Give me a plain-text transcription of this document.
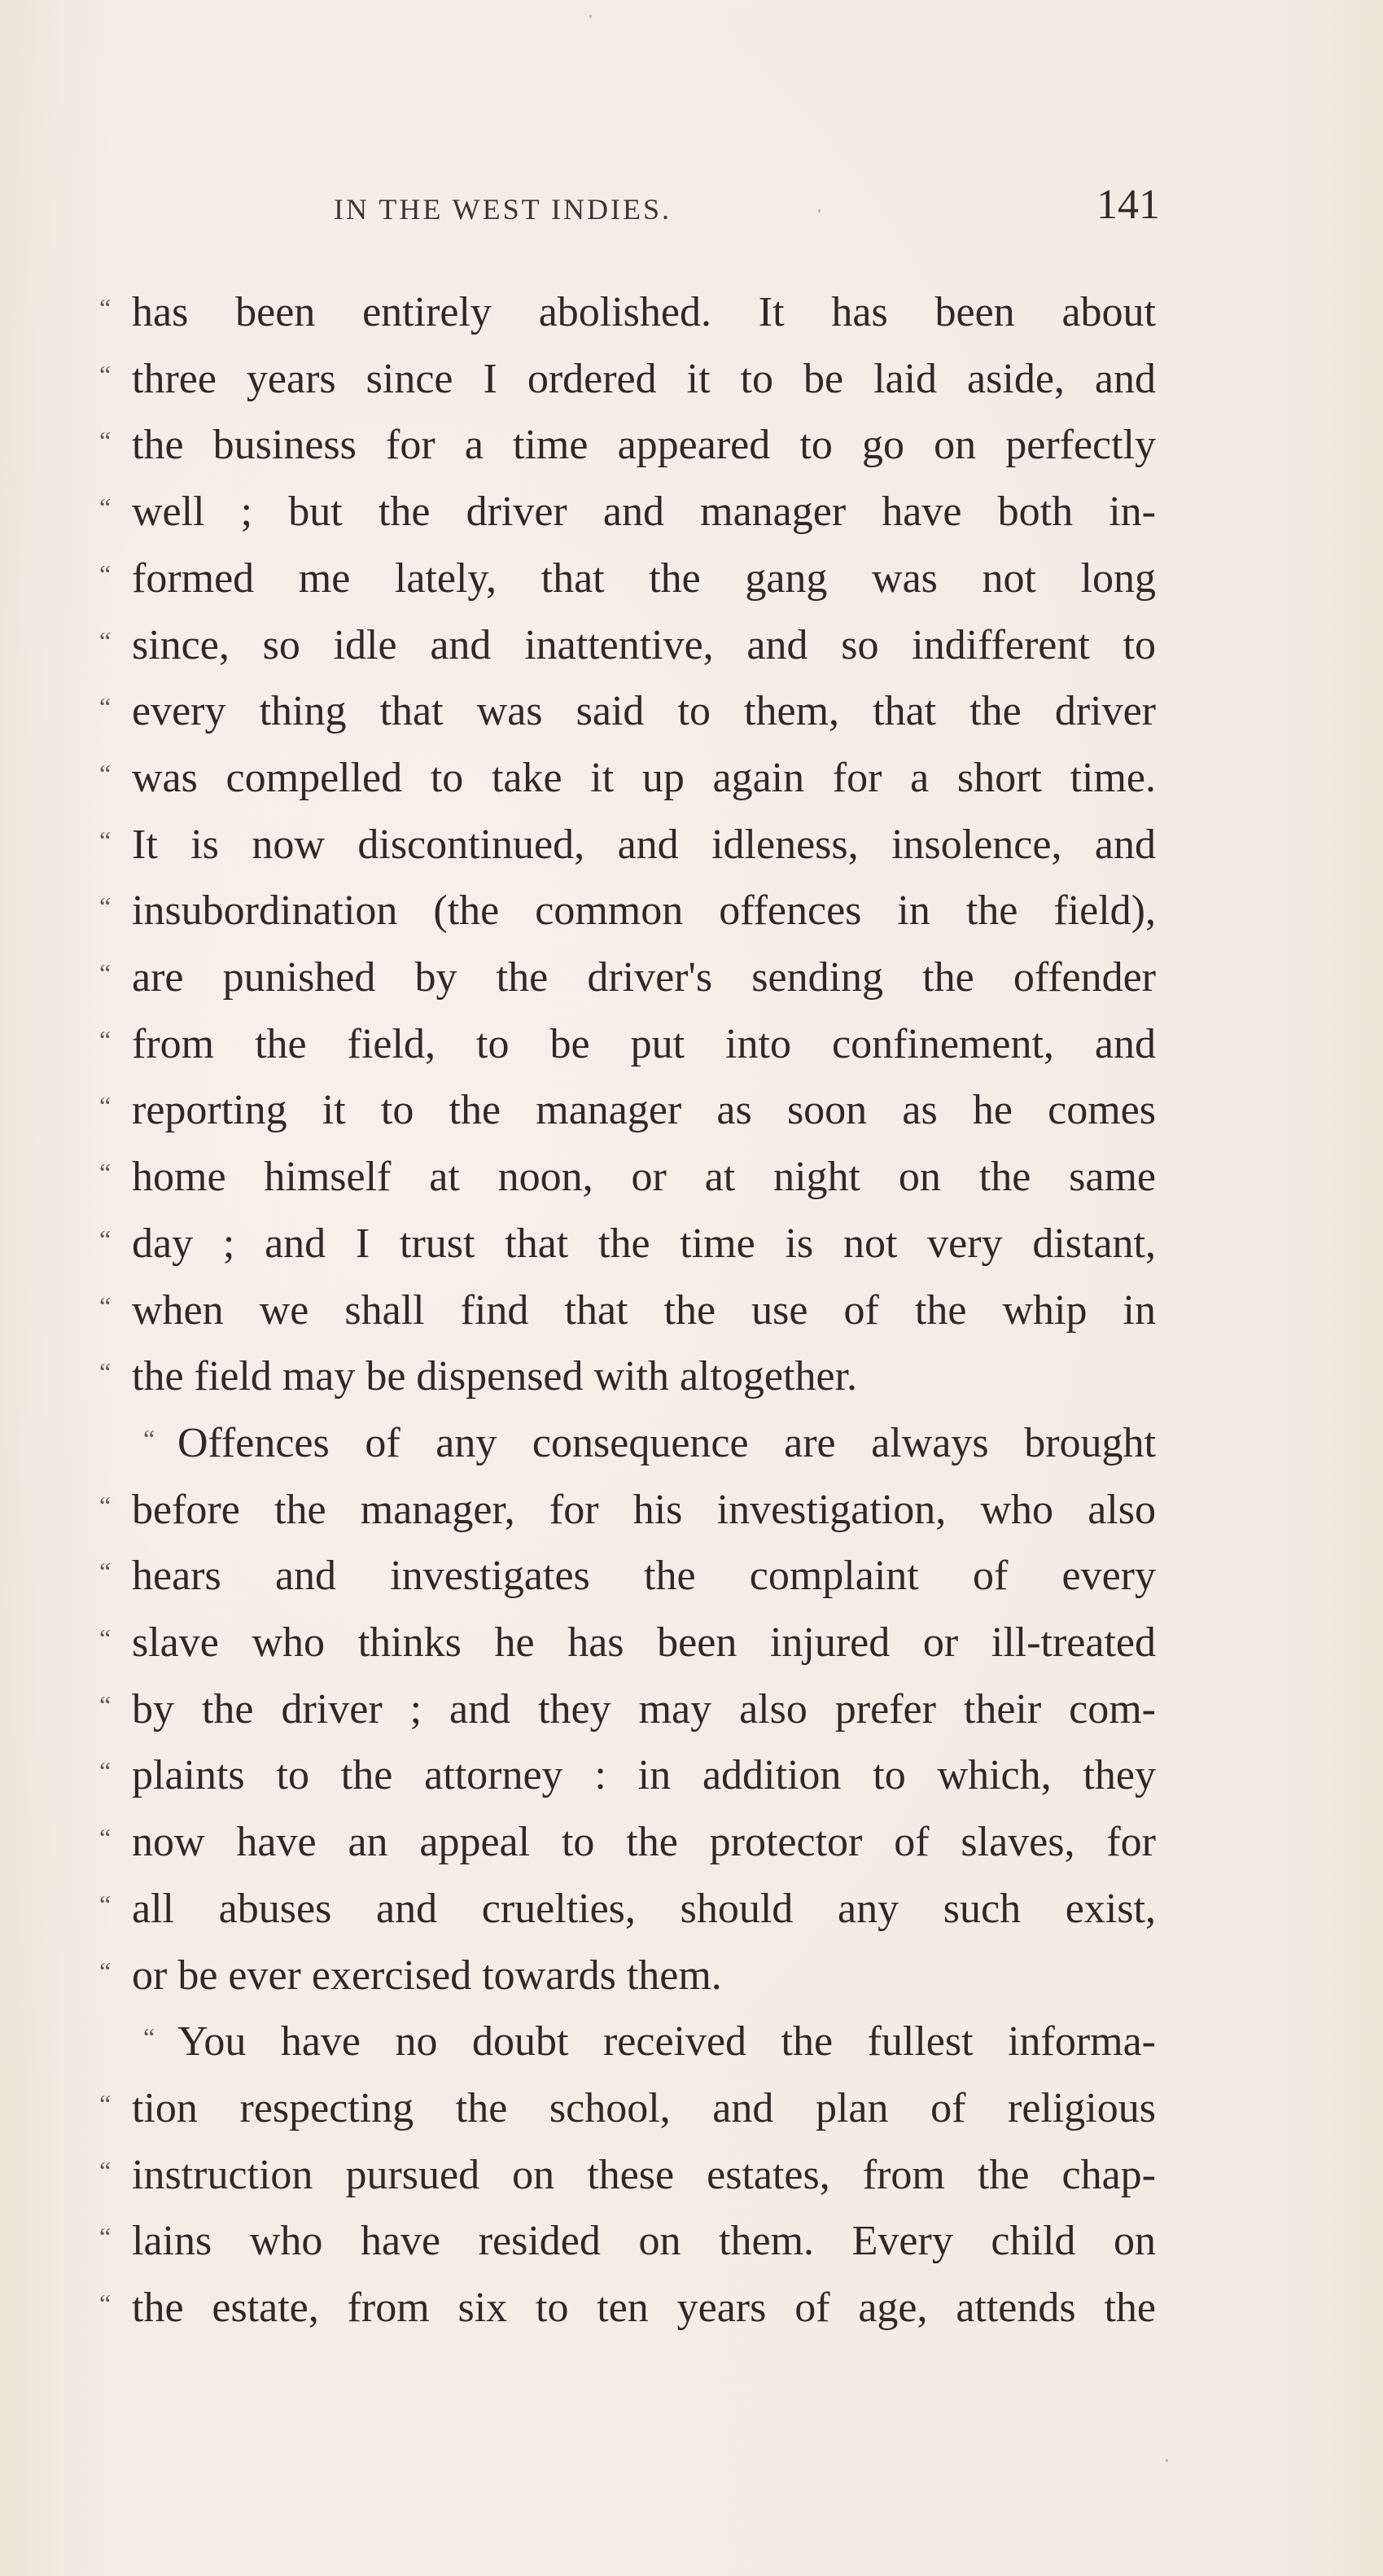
IN THE WEST INDIES.	141
“ has been entirely abolished. It has been about
“ three years since I ordered it to be laid aside, and
“ the business for a time appeared to go on perfectly
“ well ; but the driver and manager have both in-
“ formed me lately, that the gang was not long
“ since, so idle and inattentive, and so indifferent to
“ every thing that was said to them, that the driver
“ was compelled to take it up again for a short time.
“ It is now discontinued, and idleness, insolence, and
“ insubordination (the common offences in the field),
“ are punished by the driver's sending the offender
“ from the field, to be put into confinement, and
“ reporting it to the manager as soon as he comes
“ home himself at noon, or at night on the same
“ day ; and I trust that the time is not very distant,
“ when we shall find that the use of the whip in
“ the field may be dispensed with altogether.
“ Offences of any consequence are always brought
“ before the manager, for his investigation, who also
“ hears and investigates the complaint of every
“ slave who thinks he has been injured or ill-treated
“ by the driver ; and they may also prefer their com-
“ plaints to the attorney : in addition to which, they
“ now have an appeal to the protector of slaves, for
“ all abuses and cruelties, should any such exist,
“ or be ever exercised towards them.
“ You have no doubt received the fullest informa-
“ tion respecting the school, and plan of religious
“ instruction pursued on these estates, from the chap-
“ lains who have resided on them. Every child on
“ the estate, from six to ten years of age, attends the
